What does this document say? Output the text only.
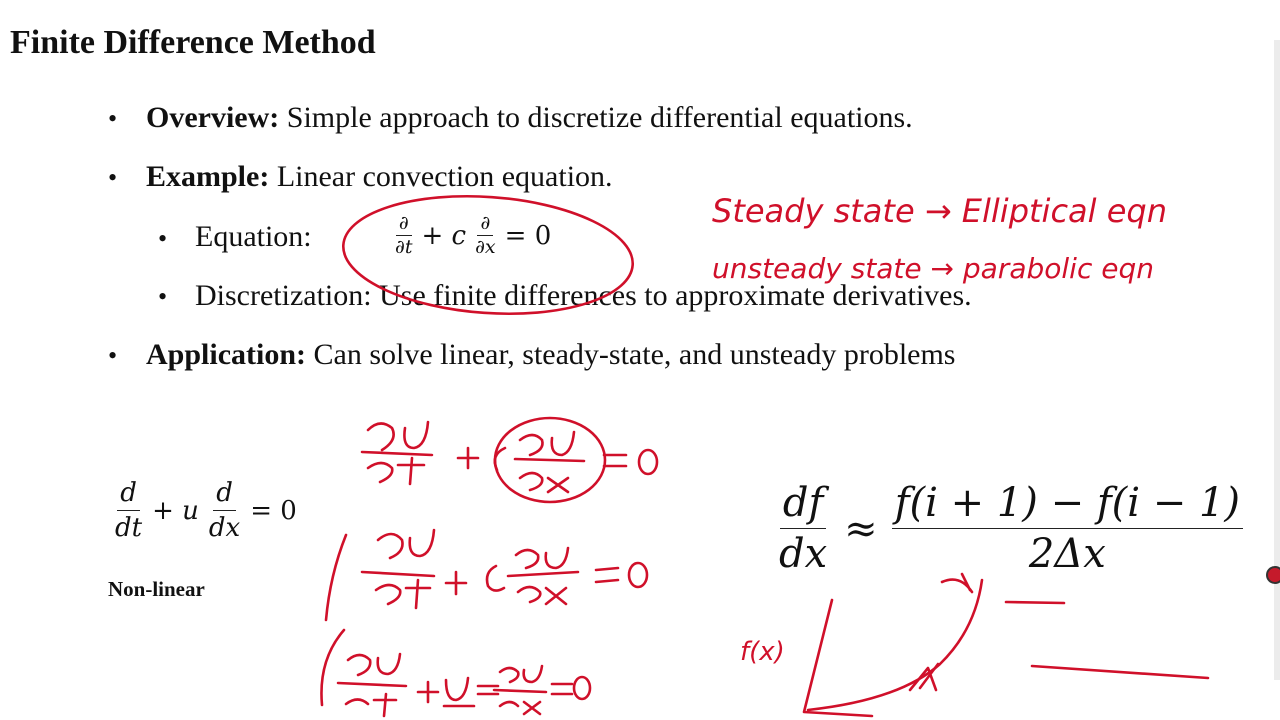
Finite Difference Method
• Overview: Simple approach to discretize differential equations.
• Example: Linear convection equation.
• Equation:	$\frac{\partial}{\partial t} + c \frac{\partial}{\partial x} = 0$
• Discretization: Use finite differences to approximate derivatives.
• Application: Can solve linear, steady-state, and unsteady problems
$\frac{d}{dt} + u \frac{d}{dx} = 0$
Non-linear
$\frac{df}{dx} \approx \frac{f(i + 1) - f(i - 1)}{2\Delta x}$
Steady state → Elliptical eqn
unsteady state → parabolic eqn
f(x)
